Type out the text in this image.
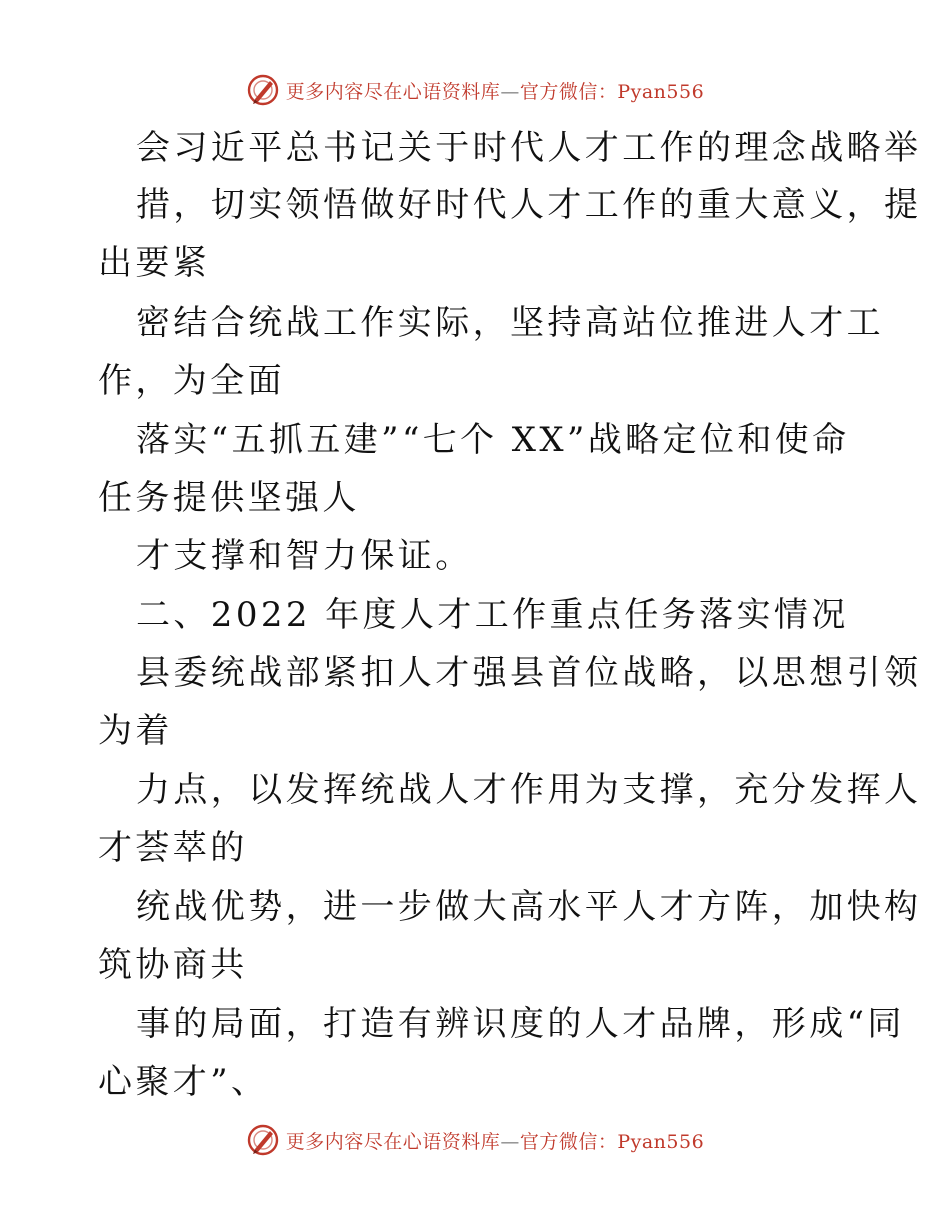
更多内容尽在心语资料库—官方微信：Pyan556
会习近平总书记关于时代人才工作的理念战略举
措，切实领悟做好时代人才工作的重大意义，提
出要紧
密结合统战工作实际，坚持高站位推进人才工
作，为全面
落实“五抓五建”“七个 XX”战略定位和使命
任务提供坚强人
才支撑和智力保证。
二、2022 年度人才工作重点任务落实情况
县委统战部紧扣人才强县首位战略，以思想引领
为着
力点，以发挥统战人才作用为支撑，充分发挥人
才荟萃的
统战优势，进一步做大高水平人才方阵，加快构
筑协商共
事的局面，打造有辨识度的人才品牌，形成“同
心聚才”、
更多内容尽在心语资料库—官方微信：Pyan556
